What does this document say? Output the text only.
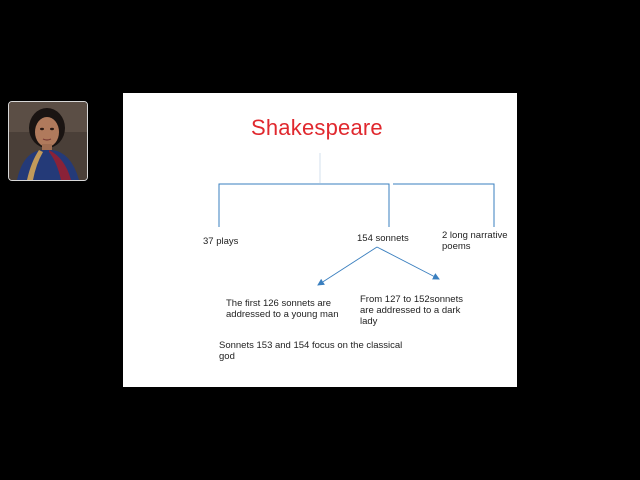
Shakespeare
37 plays	154 sonnets	2 long narrative
poems
The first 126 sonnets are
addressed to a young man
From 127 to 152sonnets
are addressed to a dark
lady
Sonnets 153 and 154 focus on the classical
god
